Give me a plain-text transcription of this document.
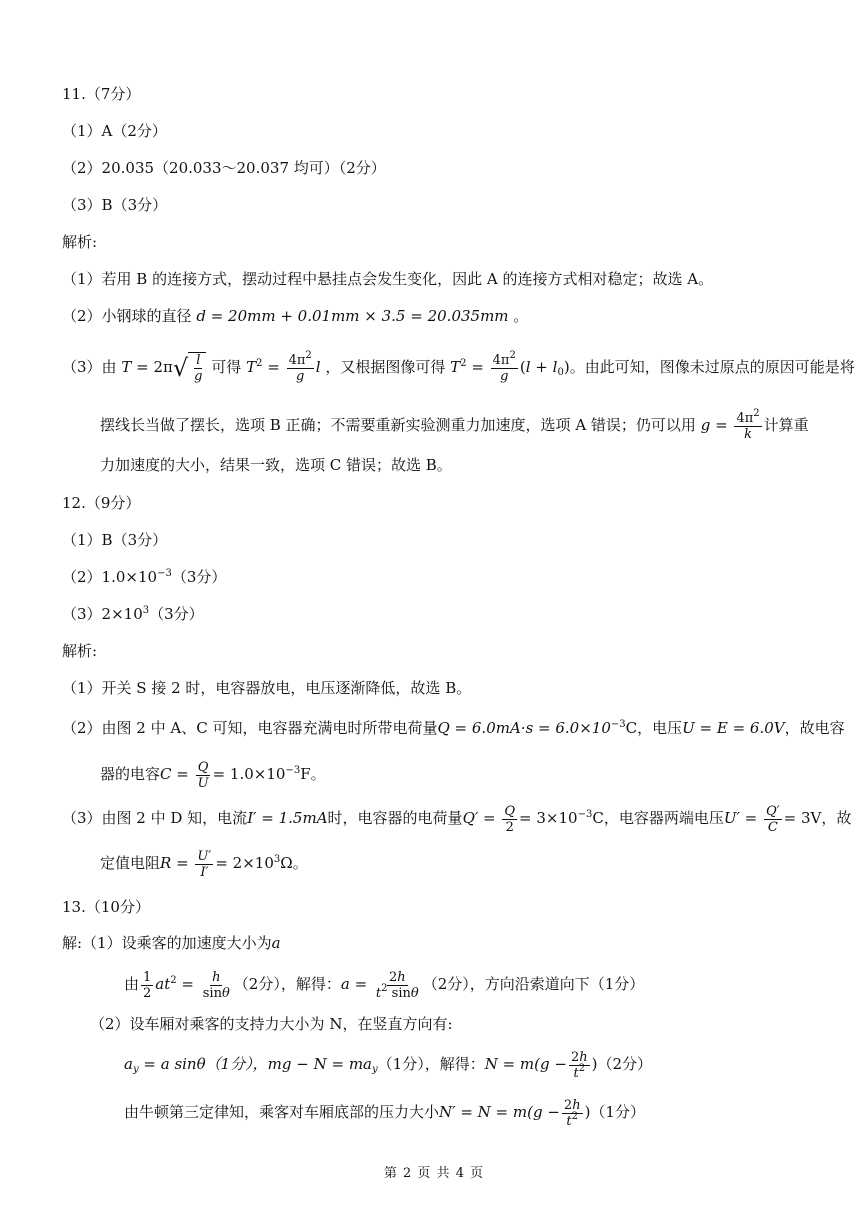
11.（7分）
（1）A（2分）
（2）20.035（20.033～20.037 均可）（2分）
（3）B（3分）
解析:
（1）若用 B 的连接方式，摆动过程中悬挂点会发生变化，因此 A 的连接方式相对稳定；故选 A。
（2）小钢球的直径 d = 20mm + 0.01mm × 3.5 = 20.035mm 。
（3）由 T = 2π √ $\frac{l}{g}$ 可得 $T^2 = \frac{4\pi^2}{g}$ l ，又根据图像可得 $T^2 = \frac{4\pi^2}{g} (l + l_0)$。由此可知，图像未过原点的原因可能是将
摆线长当做了摆长，选项 B 正确；不需要重新实验测重力加速度，选项 A 错误；仍可以用 $g = \frac{4\pi^2}{k}$ 计算重
力加速度的大小，结果一致，选项 C 错误；故选 B。
12.（9分）
（1）B（3分）
$(2)1.0\times 10^{-3}(3$分）
$(3)2\times 10^3(3$分）
解析:
（1）开关 S 接 2 时，电容器放电，电压逐渐降低，故选 B。
（2）由图 2 中 A、C 可知，电容器充满电时所带电荷量$Q = 6.0mA\cdot s = 6.0\times 10^{-3}C$，电压U = E = 6.0V，故电容
器的电容$C = \frac{Q}{U} = 1.0\times 10^{-3}F$。
（3）由图 2 中 D 知，电流I′ = 1.5mA时，电容器的电荷量$Q' = \frac{Q}{2} = 3\times 10^{-3}C$，电容器两端电压$U' = \frac{Q'}{C} = 3V$，故
定值电阻$R = \frac{U'}{I'} = 2\times 10^3\Omega$。
13.（10分）
解:（1）设乘客的加速度大小为a
由 $\frac{1}{2} at^2 = \frac{h}{\sin\theta} (2$分），解得：$a = \frac{2h}{t^2 \sin\theta} (2$分），方向沿索道向下（1分）
（2）设车厢对乘客的支持力大小为 N，在竖直方向有:
$a_y = a$ sinθ（1分），mg − $N = ma_y(1$分），解得：$N = m(g - \frac{2h}{t^2} )(2$分）
由牛顿第三定律知，乘客对车厢底部的压力大小$N' = N = m(g - \frac{2h}{t^2} )(1$分）
第 2 页 共 4 页
